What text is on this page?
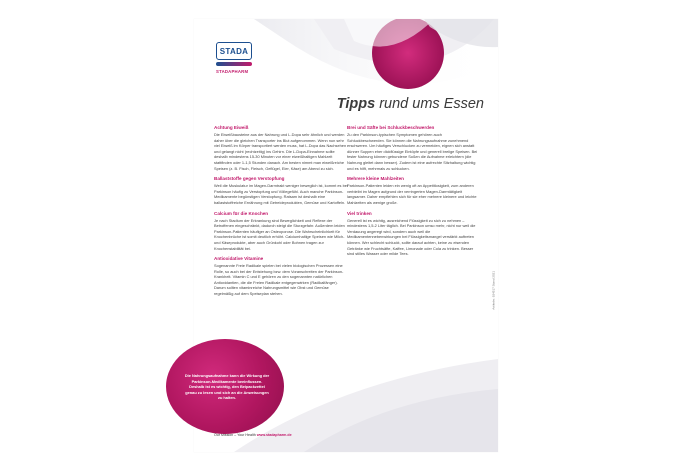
STADA
STADAPHARM
Tipps rund ums Essen
Achtung Eiweiß
Die Eiweißbausteine aus der Nahrung und L-Dopa sehr ähnlich und werden daher über die gleichen Transporter ins Blut aufgenommen. Wenn nun sehr viel Eiweiß im Körper transportiert werden muss, hat L-Dopa das Nachsehen und gelangt nicht (rechtzeitig) ins Gehirn. Die L-Dopa-Einnahme sollte deshalb mindestens 15-30 Minuten vor einer eiweißhaltigen Mahlzeit stattfinden oder 1-1,5 Stunden danach. Am besten nimmt man eiweißreiche Speisen (z. B. Fisch, Fleisch, Geflügel, Eier, Käse) am Abend zu sich.
Ballaststoffe gegen Verstopfung
Weil die Muskulatur im Magen-Darmtrakt weniger beweglich ist, kommt es bei Parkinson häufig zu Verstopfung und Völlegefühl. Auch manche Parkinson-Medikamente begünstigen Verstopfung. Ratsam ist deshalb eine ballaststoffreiche Ernährung mit Getreideprodukten, Gemüse und Kartoffeln.
Calcium für die Knochen
Je nach Stadium der Erkrankung sind Beweglichkeit und Reflexe der Betroffenen eingeschränkt, dadurch steigt die Sturzgefahr. Außerdem leiden Parkinson-Patienten häufiger an Osteoporose. Die Wahrscheinlichkeit für Knochenbrüche ist somit deutlich erhöht. Calciumhaltige Speisen wie Milch- und Käseprodukte, aber auch Grünkohl oder Bohnen tragen zur Knochenstabilität bei.
Antioxidative Vitamine
Sogenannte Freie Radikale spielen bei vielen biologischen Prozessen eine Rolle, so auch bei der Entstehung bzw. dem Voranschreiten der Parkinson-Krankheit. Vitamin C und E gehören zu den sogenannten natürlichen Antioxidantien, die die Freien Radikale entgegenwirken (Radikalfänger). Darum sollten vitaminreiche Nahrungsmittel wie Obst und Gemüse regelmäßig auf dem Speiseplan stehen.
Brei und Säfte bei Schluckbeschwerden
Zu den Parkinson-typischen Symptomen gehören auch Schluckbeschwerden. Sie können die Nahrungsaufnahme zunehmend erschweren. Um häufiges Verschlucken zu vermeiden, eignen sich anstatt dünner Suppen eher dickflüssige Eintöpfe und generell breiige Speisen. Bei fester Nahrung können gebundene Soßen die Aufnahme erleichtern (die Nahrung gleitet dann besser). Zudem ist eine aufrechte Sitzhaltung wichtig und es hilft, mehrmals zu schlucken.
Mehrere kleine Mahlzeiten
Parkinson-Patienten leiden ein wenig oft an Appetitlosigkeit, zum anderen verbleibt im Magen aufgrund der verringerten Magen-Darmtätigkeit langsamer. Daher empfiehlen sich für sie eher mehrere kleinere und leichte Mahlzeiten als wenige große.
Viel trinken
Generell ist es wichtig, ausreichend Flüssigkeit zu sich zu nehmen – mindestens 1,5-2 Liter täglich. Bei Parkinson umso mehr, nicht nur weil die Verdauung angeregt wird, sondern auch weil die Medikamentennebenwirkungen bei Flüssigkeitsmangel verstärkt auftreten können. Wer schlecht schluckt, sollte darauf achten, keine zu eisenden Getränke wie Fruchtsäfte, Kaffee, Limonade oder Cola zu trinken. Besser sind stilles Wasser oder milde Tees.
Artikelnr. 924517 Stand 2021
Our Mission – Your Health www.stadapharm.de
Die Nahrungsaufnahme kann die Wirkung der Parkinson-Medikamente beeinflussen. Deshalb ist es wichtig, den Beipackzettel genau zu lesen und sich an die Anweisungen zu halten.
